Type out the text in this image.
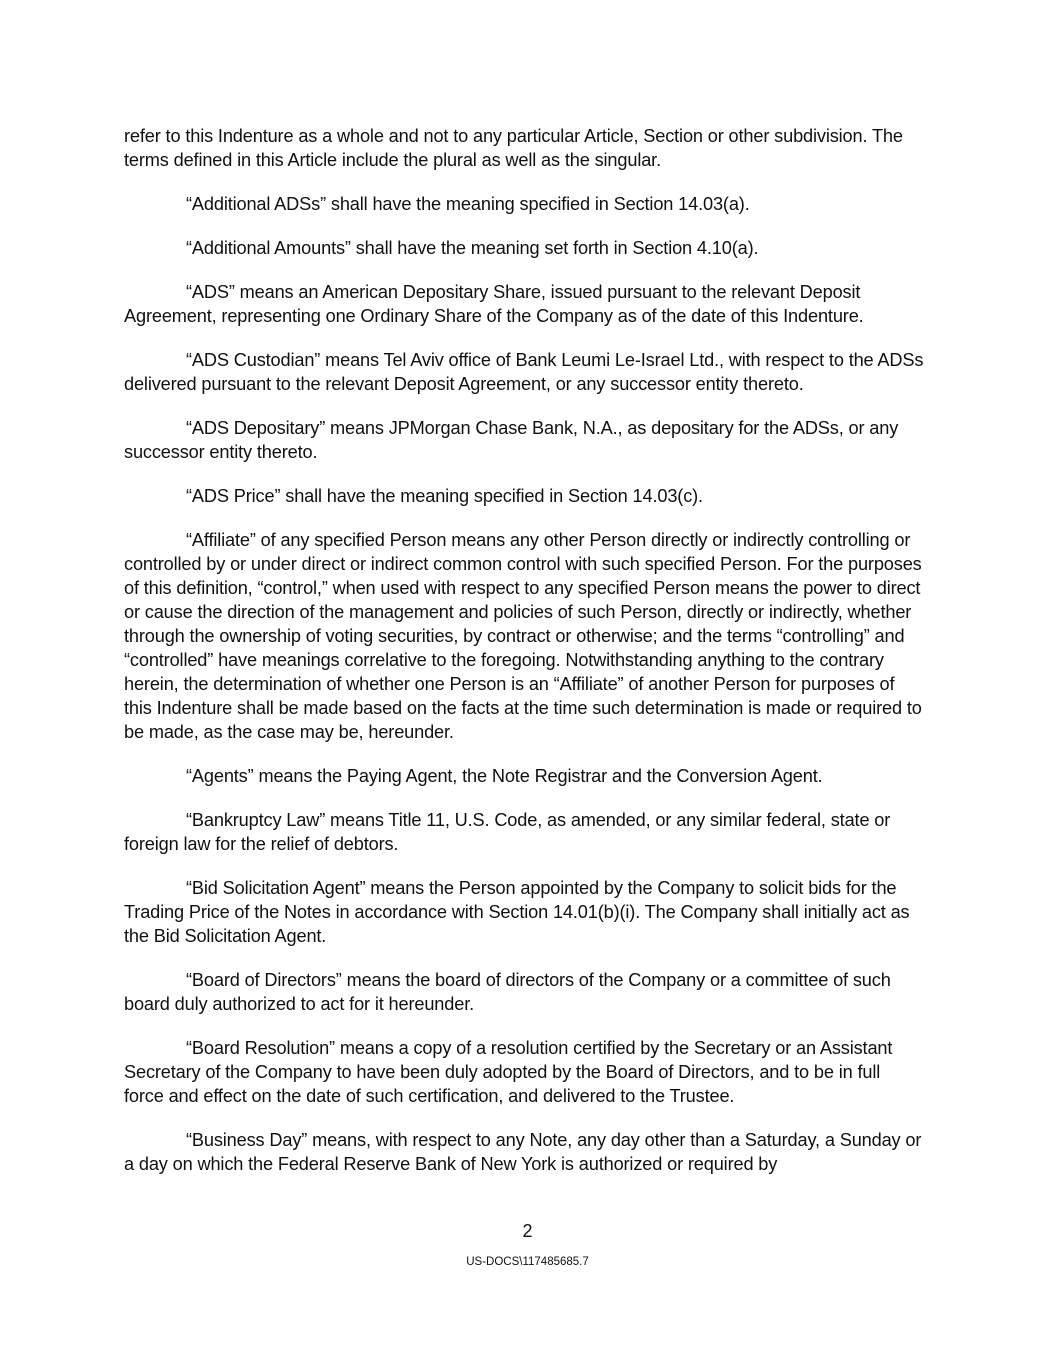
refer to this Indenture as a whole and not to any particular Article, Section or other subdivision. The terms defined in this Article include the plural as well as the singular.

“Additional ADSs” shall have the meaning specified in Section 14.03(a).

“Additional Amounts” shall have the meaning set forth in Section 4.10(a).

“ADS” means an American Depositary Share, issued pursuant to the relevant Deposit Agreement, representing one Ordinary Share of the Company as of the date of this Indenture.

“ADS Custodian” means Tel Aviv office of Bank Leumi Le-Israel Ltd., with respect to the ADSs delivered pursuant to the relevant Deposit Agreement, or any successor entity thereto.

“ADS Depositary” means JPMorgan Chase Bank, N.A., as depositary for the ADSs, or any successor entity thereto.

“ADS Price” shall have the meaning specified in Section 14.03(c).

“Affiliate” of any specified Person means any other Person directly or indirectly controlling or controlled by or under direct or indirect common control with such specified Person. For the purposes of this definition, “control,” when used with respect to any specified Person means the power to direct or cause the direction of the management and policies of such Person, directly or indirectly, whether through the ownership of voting securities, by contract or otherwise; and the terms “controlling” and “controlled” have meanings correlative to the foregoing. Notwithstanding anything to the contrary herein, the determination of whether one Person is an “Affiliate” of another Person for purposes of this Indenture shall be made based on the facts at the time such determination is made or required to be made, as the case may be, hereunder.

“Agents” means the Paying Agent, the Note Registrar and the Conversion Agent.

“Bankruptcy Law” means Title 11, U.S. Code, as amended, or any similar federal, state or foreign law for the relief of debtors.

“Bid Solicitation Agent” means the Person appointed by the Company to solicit bids for the Trading Price of the Notes in accordance with Section 14.01(b)(i). The Company shall initially act as the Bid Solicitation Agent.

“Board of Directors” means the board of directors of the Company or a committee of such board duly authorized to act for it hereunder.

“Board Resolution” means a copy of a resolution certified by the Secretary or an Assistant Secretary of the Company to have been duly adopted by the Board of Directors, and to be in full force and effect on the date of such certification, and delivered to the Trustee.

“Business Day” means, with respect to any Note, any day other than a Saturday, a Sunday or a day on which the Federal Reserve Bank of New York is authorized or required by

2
US-DOCS\117485685.7
